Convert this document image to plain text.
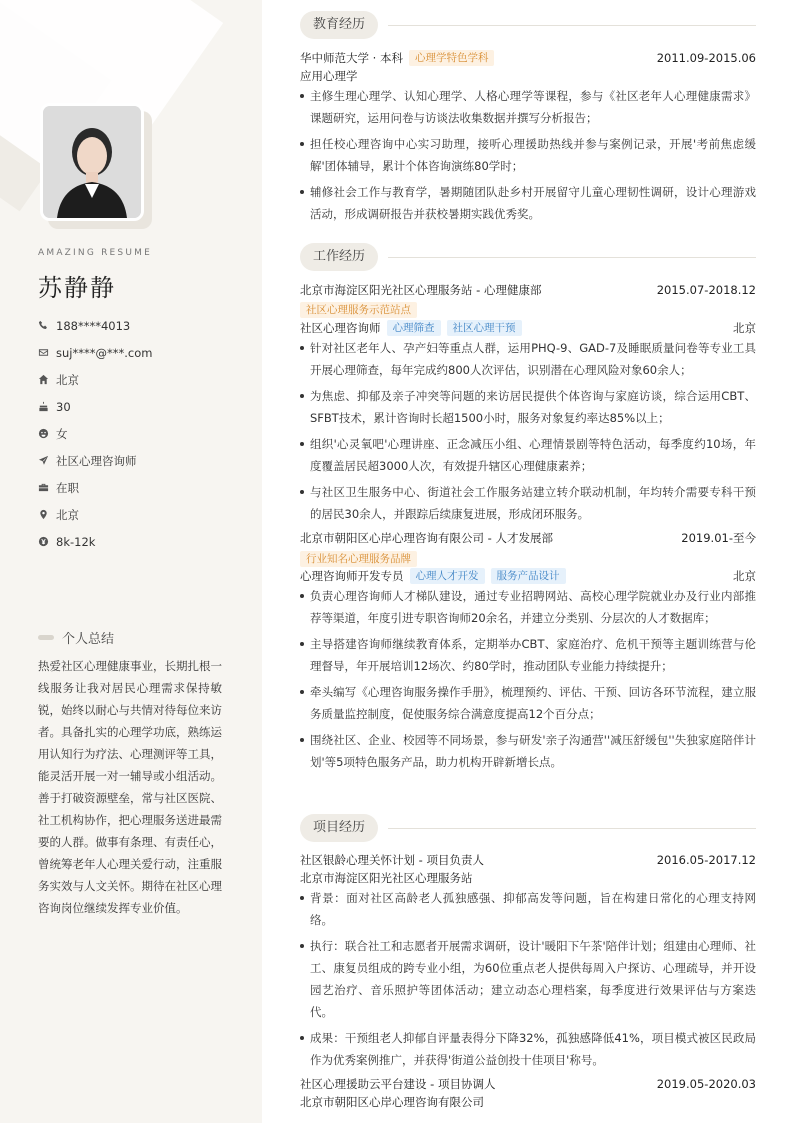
AMAZING RESUME
苏静静
188****4013
suj****@***.com
北京
30
女
社区心理咨询师
在职
北京
8k-12k
个人总结
热爱社区心理健康事业，长期扎根一线服务让我对居民心理需求保持敏锐，始终以耐心与共情对待每位来访者。具备扎实的心理学功底，熟练运用认知行为疗法、心理测评等工具，能灵活开展一对一辅导或小组活动。善于打破资源壁垒，常与社区医院、社工机构协作，把心理服务送进最需要的人群。做事有条理、有责任心，曾统筹老年人心理关爱行动，注重服务实效与人文关怀。期待在社区心理咨询岗位继续发挥专业价值。
教育经历
华中师范大学 · 本科	心理学特色学科	2011.09-2015.06
应用心理学
主修生理心理学、认知心理学、人格心理学等课程，参与《社区老年人心理健康需求》课题研究，运用问卷与访谈法收集数据并撰写分析报告；
担任校心理咨询中心实习助理，接听心理援助热线并参与案例记录，开展'考前焦虑缓解'团体辅导，累计个体咨询演练80学时；
辅修社会工作与教育学，暑期随团队赴乡村开展留守儿童心理韧性调研，设计心理游戏活动，形成调研报告并获校暑期实践优秀奖。
工作经历
北京市海淀区阳光社区心理服务站 - 心理健康部	2015.07-2018.12
社区心理服务示范站点
社区心理咨询师	心理筛查	社区心理干预	北京
针对社区老年人、孕产妇等重点人群，运用PHQ-9、GAD-7及睡眠质量问卷等专业工具开展心理筛查，每年完成约800人次评估，识别潜在心理风险对象60余人；
为焦虑、抑郁及亲子冲突等问题的来访居民提供个体咨询与家庭访谈，综合运用CBT、SFBT技术，累计咨询时长超1500小时，服务对象复约率达85%以上；
组织'心灵氧吧'心理讲座、正念减压小组、心理情景剧等特色活动，每季度约10场，年度覆盖居民超3000人次，有效提升辖区心理健康素养；
与社区卫生服务中心、街道社会工作服务站建立转介联动机制，年均转介需要专科干预的居民30余人，并跟踪后续康复进展，形成闭环服务。
北京市朝阳区心岸心理咨询有限公司 - 人才发展部	2019.01-至今
行业知名心理服务品牌
心理咨询师开发专员	心理人才开发	服务产品设计	北京
负责心理咨询师人才梯队建设，通过专业招聘网站、高校心理学院就业办及行业内部推荐等渠道，年度引进专职咨询师20余名，并建立分类别、分层次的人才数据库；
主导搭建咨询师继续教育体系，定期举办CBT、家庭治疗、危机干预等主题训练营与伦理督导，年开展培训12场次、约80学时，推动团队专业能力持续提升；
牵头编写《心理咨询服务操作手册》，梳理预约、评估、干预、回访各环节流程，建立服务质量监控制度，促使服务综合满意度提高12个百分点；
围绕社区、企业、校园等不同场景，参与研发'亲子沟通营''减压舒缓包''失独家庭陪伴计划'等5项特色服务产品，助力机构开辟新增长点。
项目经历
社区银龄心理关怀计划 - 项目负责人	2016.05-2017.12
北京市海淀区阳光社区心理服务站
背景：面对社区高龄老人孤独感强、抑郁高发等问题，旨在构建日常化的心理支持网络。
执行：联合社工和志愿者开展需求调研，设计'暖阳下午茶'陪伴计划；组建由心理师、社工、康复员组成的跨专业小组，为60位重点老人提供每周入户探访、心理疏导，并开设园艺治疗、音乐照护等团体活动；建立动态心理档案，每季度进行效果评估与方案迭代。
成果：干预组老人抑郁自评量表得分下降32%，孤独感降低41%，项目模式被区民政局作为优秀案例推广，并获得'街道公益创投十佳项目'称号。
社区心理援助云平台建设 - 项目协调人	2019.05-2020.03
北京市朝阳区心岸心理咨询有限公司
